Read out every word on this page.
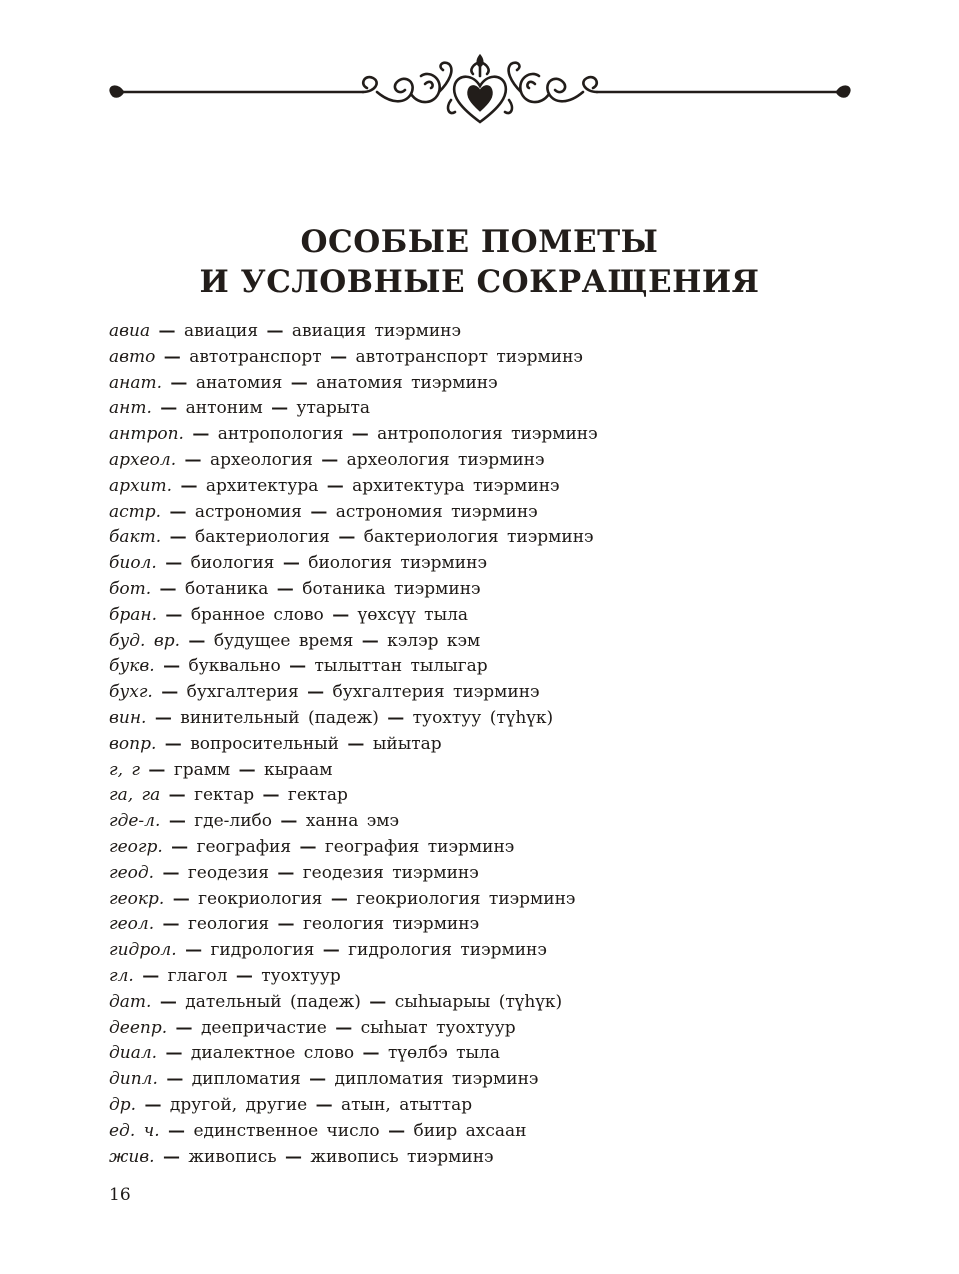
ОСОБЫЕ ПОМЕТЫ
И УСЛОВНЫЕ СОКРАЩЕНИЯ
авиа — авиация — авиация тиэрминэ
авто — автотранспорт — автотранспорт тиэрминэ
анат. — анатомия — анатомия тиэрминэ
ант. — антоним — утарыта
антроп. — антропология — антропология тиэрминэ
археол. — археология — археология тиэрминэ
архит. — архитектура — архитектура тиэрминэ
астр. — астрономия — астрономия тиэрминэ
бакт. — бактериология — бактериология тиэрминэ
биол. — биология — биология тиэрминэ
бот. — ботаника — ботаника тиэрминэ
бран. — бранное слово — үөхсүү тыла
буд. вр. — будущее время — кэлэр кэм
букв. — буквально — тылыттан тылыгар
бухг. — бухгалтерия — бухгалтерия тиэрминэ
вин. — винительный (падеж) — туохтуу (түһүк)
вопр. — вопросительный — ыйытар
г, г — грамм — кыраам
га, га — гектар — гектар
где-л. — где-либо — ханна эмэ
геогр. — география — география тиэрминэ
геод. — геодезия — геодезия тиэрминэ
геокр. — геокриология — геокриология тиэрминэ
геол. — геология — геология тиэрминэ
гидрол. — гидрология — гидрология тиэрминэ
гл. — глагол — туохтуур
дат. — дательный (падеж) — сыһыарыы (түһүк)
деепр. — деепричастие — сыһыат туохтуур
диал. — диалектное слово — түөлбэ тыла
дипл. — дипломатия — дипломатия тиэрминэ
др. — другой, другие — атын, атыттар
ед. ч. — единственное число — биир ахсаан
жив. — живопись — живопись тиэрминэ
16
